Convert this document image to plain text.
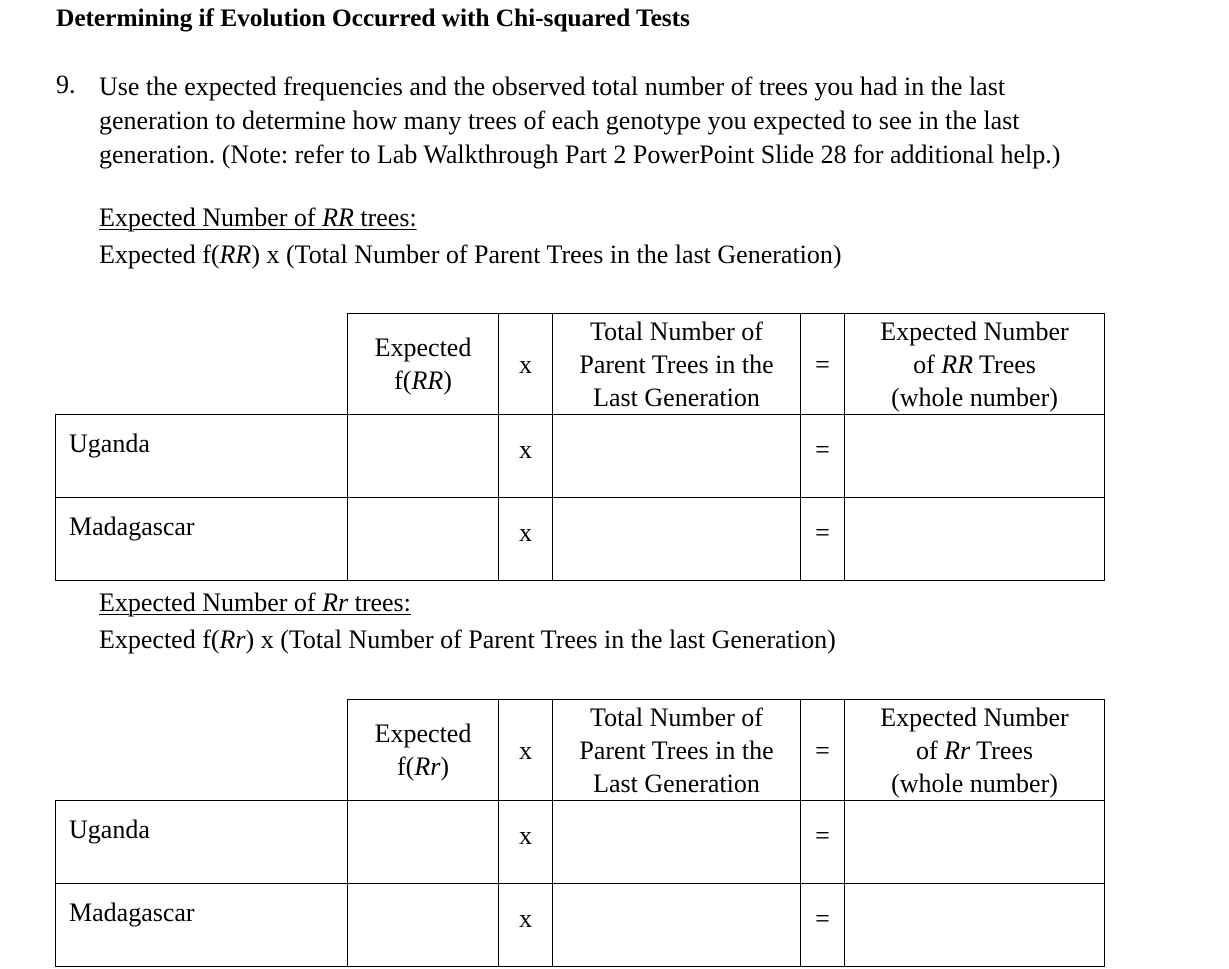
Determining if Evolution Occurred with Chi-squared Tests
9. Use the expected frequencies and the observed total number of trees you had in the last
generation to determine how many trees of each genotype you expected to see in the last
generation. (Note: refer to Lab Walkthrough Part 2 PowerPoint Slide 28 for additional help.)
Expected Number of RR trees:
Expected f(RR) x (Total Number of Parent Trees in the last Generation)
	Expected
f(RR)	x	Total Number of
Parent Trees in the
Last Generation	=	Expected Number
of RR Trees
(whole number)
Uganda		x		=	
Madagascar		x		=	
Expected Number of Rr trees:
Expected f(Rr) x (Total Number of Parent Trees in the last Generation)
	Expected
f(Rr)	x	Total Number of
Parent Trees in the
Last Generation	=	Expected Number
of Rr Trees
(whole number)
Uganda		x		=	
Madagascar		x		=	
